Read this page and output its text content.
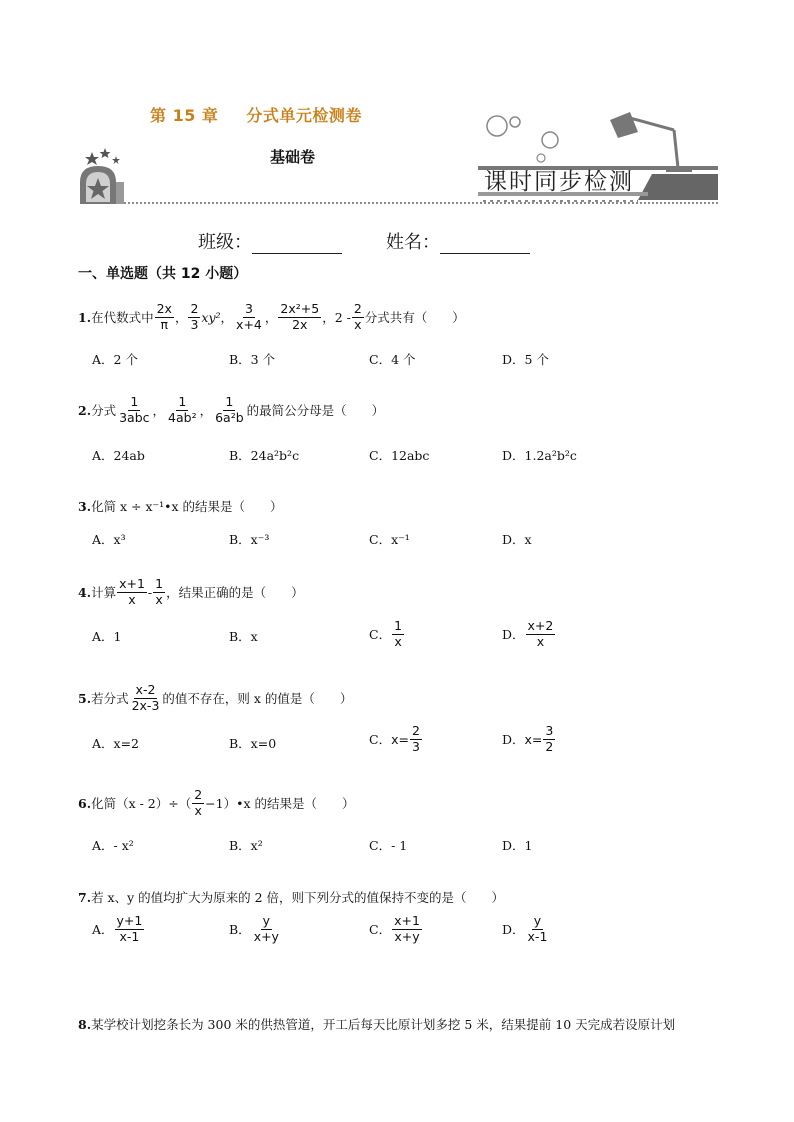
第 15 章 分式单元检测卷
基础卷
课时同步检测
班级：	姓名：
一、单选题（共 12 小题）
1. 在代数式中 $\frac{2x}{\pi}$ ， $\frac{2}{3} xy^2$ ， $\frac{3}{x+4}$ ， $\frac{\text{2x²+5}}{2x}$ ，$2 - \frac{2}{x}$ 分式共有（　　）
A．2 个	B．3 个	C．4 个	D．5 个
2. 分式 $\frac{1}{\text{3abc}}$ ， $\frac{1}{\text{4ab²}}$ ， $\frac{1}{\text{6a²b}}$ 的最简公分母是（　　）
A．24ab	B．24a²b²c	C．12abc	D．1.2a²b²c
3. 化简 x ÷ x⁻¹•x 的结果是（　　）
A．x³	B．x⁻³	C．x⁻¹	D．x
4. 计算 $\frac{x+1}{x} - \frac{1}{x}$ ，结果正确的是（　　）
A．1	B．x	C． $\frac{1}{x}$	D． $\frac{x+2}{x}$
5. 若分式 $\frac{x-2}{2x-3}$ 的值不存在，则 x 的值是（　　）
A．x=2	B．x=0	C． $x= \frac{2}{3}$	D． $x= \frac{3}{2}$
6. 化简$(x - 2)\div( \frac{2}{x}$ −1）•x 的结果是（　　）
A．- x²	B．x²	C．- 1	D．1
7. 若 x、y 的值均扩大为原来的 2 倍，则下列分式的值保持不变的是（　　）
A． $\frac{y+1}{x-1}$	B． $\frac{y}{x+y}$	C． $\frac{x+1}{x+y}$	D． $\frac{y}{x-1}$
8. 某学校计划挖条长为 300 米的供热管道，开工后每天比原计划多挖 5 米，结果提前 10 天完成若设原计划
